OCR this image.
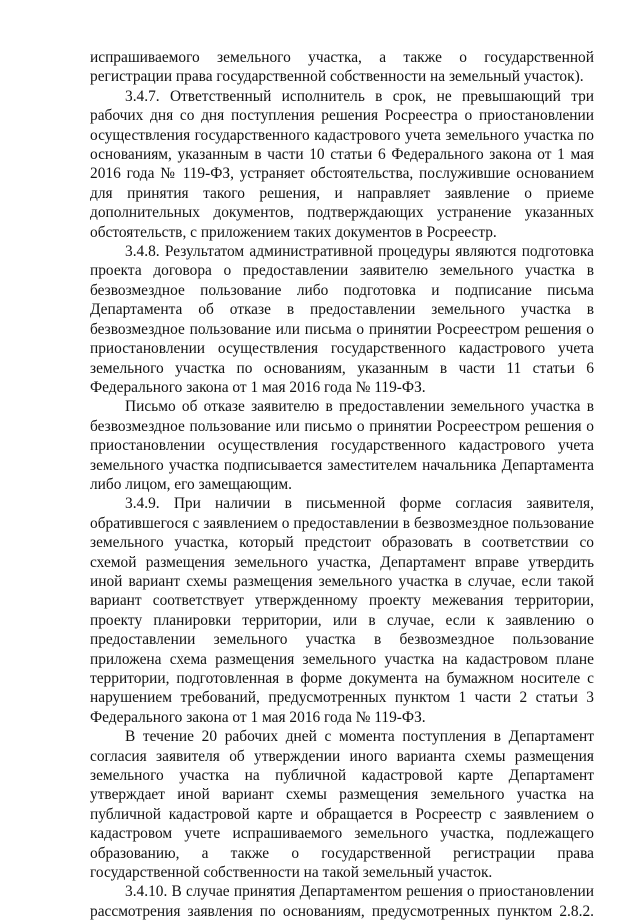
испрашиваемого земельного участка, а также о государственной регистрации права государственной собственности на земельный участок).

3.4.7. Ответственный исполнитель в срок, не превышающий три рабочих дня со дня поступления решения Росреестра о приостановлении осуществления государственного кадастрового учета земельного участка по основаниям, указанным в части 10 статьи 6 Федерального закона от 1 мая 2016 года № 119-ФЗ, устраняет обстоятельства, послужившие основанием для принятия такого решения, и направляет заявление о приеме дополнительных документов, подтверждающих устранение указанных обстоятельств, с приложением таких документов в Росреестр.

3.4.8. Результатом административной процедуры являются подготовка проекта договора о предоставлении заявителю земельного участка в безвозмездное пользование либо подготовка и подписание письма Департамента об отказе в предоставлении земельного участка в безвозмездное пользование или письма о принятии Росреестром решения о приостановлении осуществления государственного кадастрового учета земельного участка по основаниям, указанным в части 11 статьи 6 Федерального закона от 1 мая 2016 года № 119-ФЗ.

Письмо об отказе заявителю в предоставлении земельного участка в безвозмездное пользование или письмо о принятии Росреестром решения о приостановлении осуществления государственного кадастрового учета земельного участка подписывается заместителем начальника Департамента либо лицом, его замещающим.

3.4.9. При наличии в письменной форме согласия заявителя, обратившегося с заявлением о предоставлении в безвозмездное пользование земельного участка, который предстоит образовать в соответствии со схемой размещения земельного участка, Департамент вправе утвердить иной вариант схемы размещения земельного участка в случае, если такой вариант соответствует утвержденному проекту межевания территории, проекту планировки территории, или в случае, если к заявлению о предоставлении земельного участка в безвозмездное пользование приложена схема размещения земельного участка на кадастровом плане территории, подготовленная в форме документа на бумажном носителе с нарушением требований, предусмотренных пунктом 1 части 2 статьи 3 Федерального закона от 1 мая 2016 года № 119-ФЗ.

В течение 20 рабочих дней с момента поступления в Департамент согласия заявителя об утверждении иного варианта схемы размещения земельного участка на публичной кадастровой карте Департамент утверждает иной вариант схемы размещения земельного участка на публичной кадастровой карте и обращается в Росреестр с заявлением о кадастровом учете испрашиваемого земельного участка, подлежащего образованию, а также о государственной регистрации права государственной собственности на такой земельный участок.

3.4.10. В случае принятия Департаментом решения о приостановлении рассмотрения заявления по основаниям, предусмотренных пунктом 2.8.2.
